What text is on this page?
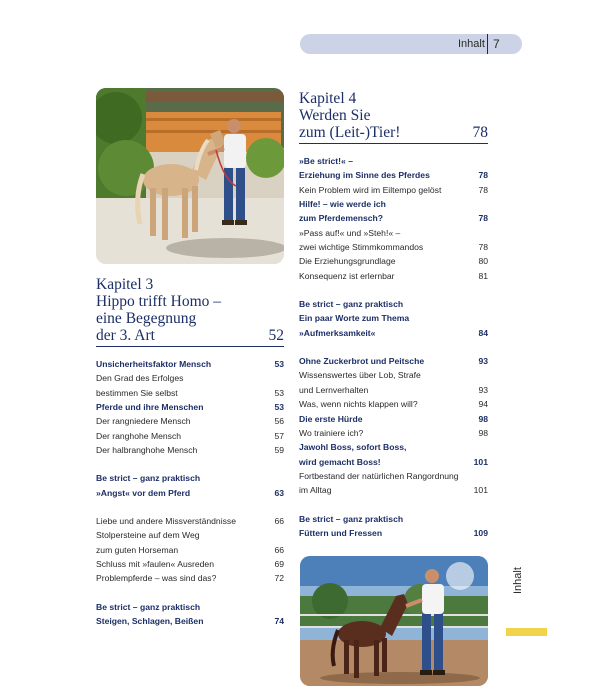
Inhalt 7
Kapitel 3
Hippo trifft Homo –
eine Begegnung
der 3. Art	52
Unsicherheitsfaktor Mensch	53
Den Grad des Erfolges
bestimmen Sie selbst	53
Pferde und ihre Menschen	53
Der rangniedere Mensch	56
Der ranghohe Mensch	57
Der halbranghohe Mensch	59
Be strict – ganz praktisch
»Angst« vor dem Pferd	63
Liebe und andere Missverständnisse	66
Stolpersteine auf dem Weg
zum guten Horseman	66
Schluss mit »faulen« Ausreden	69
Problempferde – was sind das?	72
Be strict – ganz praktisch
Steigen, Schlagen, Beißen	74
Kapitel 4
Werden Sie
zum (Leit-)Tier!	78
»Be strict!« –
Erziehung im Sinne des Pferdes	78
Kein Problem wird im Eiltempo gelöst	78
Hilfe! – wie werde ich
zum Pferdemensch?	78
»Pass auf!« und »Steh!« –
zwei wichtige Stimmkommandos	78
Die Erziehungsgrundlage	80
Konsequenz ist erlernbar	81
Be strict – ganz praktisch
Ein paar Worte zum Thema
»Aufmerksamkeit«	84
Ohne Zuckerbrot und Peitsche	93
Wissenswertes über Lob, Strafe
und Lernverhalten	93
Was, wenn nichts klappen will?	94
Die erste Hürde	98
Wo trainiere ich?	98
Jawohl Boss, sofort Boss,
wird gemacht Boss!	101
Fortbestand der natürlichen Rangordnung
im Alltag	101
Be strict – ganz praktisch
Füttern und Fressen	109
Inhalt
